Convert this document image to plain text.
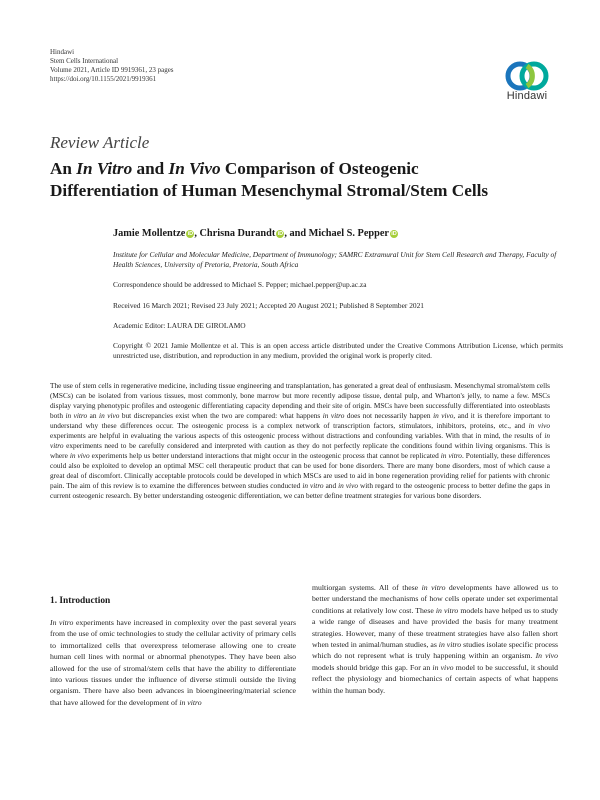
Hindawi
Stem Cells International
Volume 2021, Article ID 9919361, 23 pages
https://doi.org/10.1155/2021/9919361
Hindawi
Review Article
An In Vitro and In Vivo Comparison of Osteogenic
Differentiation of Human Mesenchymal Stromal/Stem Cells
Jamie Mollentze iD, Chrisna Durandt iD, and Michael S. Pepper iD
Institute for Cellular and Molecular Medicine, Department of Immunology; SAMRC Extramural Unit for Stem Cell Research and Therapy, Faculty of Health Sciences, University of Pretoria, Pretoria, South Africa
Correspondence should be addressed to Michael S. Pepper; michael.pepper@up.ac.za
Received 16 March 2021; Revised 23 July 2021; Accepted 20 August 2021; Published 8 September 2021
Academic Editor: LAURA DE GIROLAMO
Copyright © 2021 Jamie Mollentze et al. This is an open access article distributed under the Creative Commons Attribution License, which permits unrestricted use, distribution, and reproduction in any medium, provided the original work is properly cited.
The use of stem cells in regenerative medicine, including tissue engineering and transplantation, has generated a great deal of enthusiasm. Mesenchymal stromal/stem cells (MSCs) can be isolated from various tissues, most commonly, bone marrow but more recently adipose tissue, dental pulp, and Wharton's jelly, to name a few. MSCs display varying phenotypic profiles and osteogenic differentiating capacity depending and their site of origin. MSCs have been successfully differentiated into osteoblasts both in vitro an in vivo but discrepancies exist when the two are compared: what happens in vitro does not necessarily happen in vivo, and it is therefore important to understand why these differences occur. The osteogenic process is a complex network of transcription factors, stimulators, inhibitors, proteins, etc., and in vivo experiments are helpful in evaluating the various aspects of this osteogenic process without distractions and confounding variables. With that in mind, the results of in vitro experiments need to be carefully considered and interpreted with caution as they do not perfectly replicate the conditions found within living organisms. This is where in vivo experiments help us better understand interactions that might occur in the osteogenic process that cannot be replicated in vitro. Potentially, these differences could also be exploited to develop an optimal MSC cell therapeutic product that can be used for bone disorders. There are many bone disorders, most of which cause a great deal of discomfort. Clinically acceptable protocols could be developed in which MSCs are used to aid in bone regeneration providing relief for patients with chronic pain. The aim of this review is to examine the differences between studies conducted in vitro and in vivo with regard to the osteogenic process to better define the gaps in current osteogenic research. By better understanding osteogenic differentiation, we can better define treatment strategies for various bone disorders.
1. Introduction
In vitro experiments have increased in complexity over the past several years from the use of omic technologies to study the cellular activity of primary cells to immortalized cells that overexpress telomerase allowing one to create human cell lines with normal or abnormal phenotypes. They have been also allowed for the use of stromal/stem cells that have the ability to differentiate into various tissues under the influence of diverse stimuli outside the living organism. There have also been advances in bioengineering/material science that have allowed for the development of in vitro
multiorgan systems. All of these in vitro developments have allowed us to better understand the mechanisms of how cells operate under set experimental conditions at relatively low cost. These in vitro models have helped us to study a wide range of diseases and have provided the basis for many treatment strategies. However, many of these treatment strategies have also fallen short when tested in animal/human studies, as in vitro studies isolate specific process which do not represent what is truly happening within an organism. In vivo models should bridge this gap. For an in vivo model to be successful, it should reflect the physiology and biomechanics of certain aspects of what happens within the human body.
